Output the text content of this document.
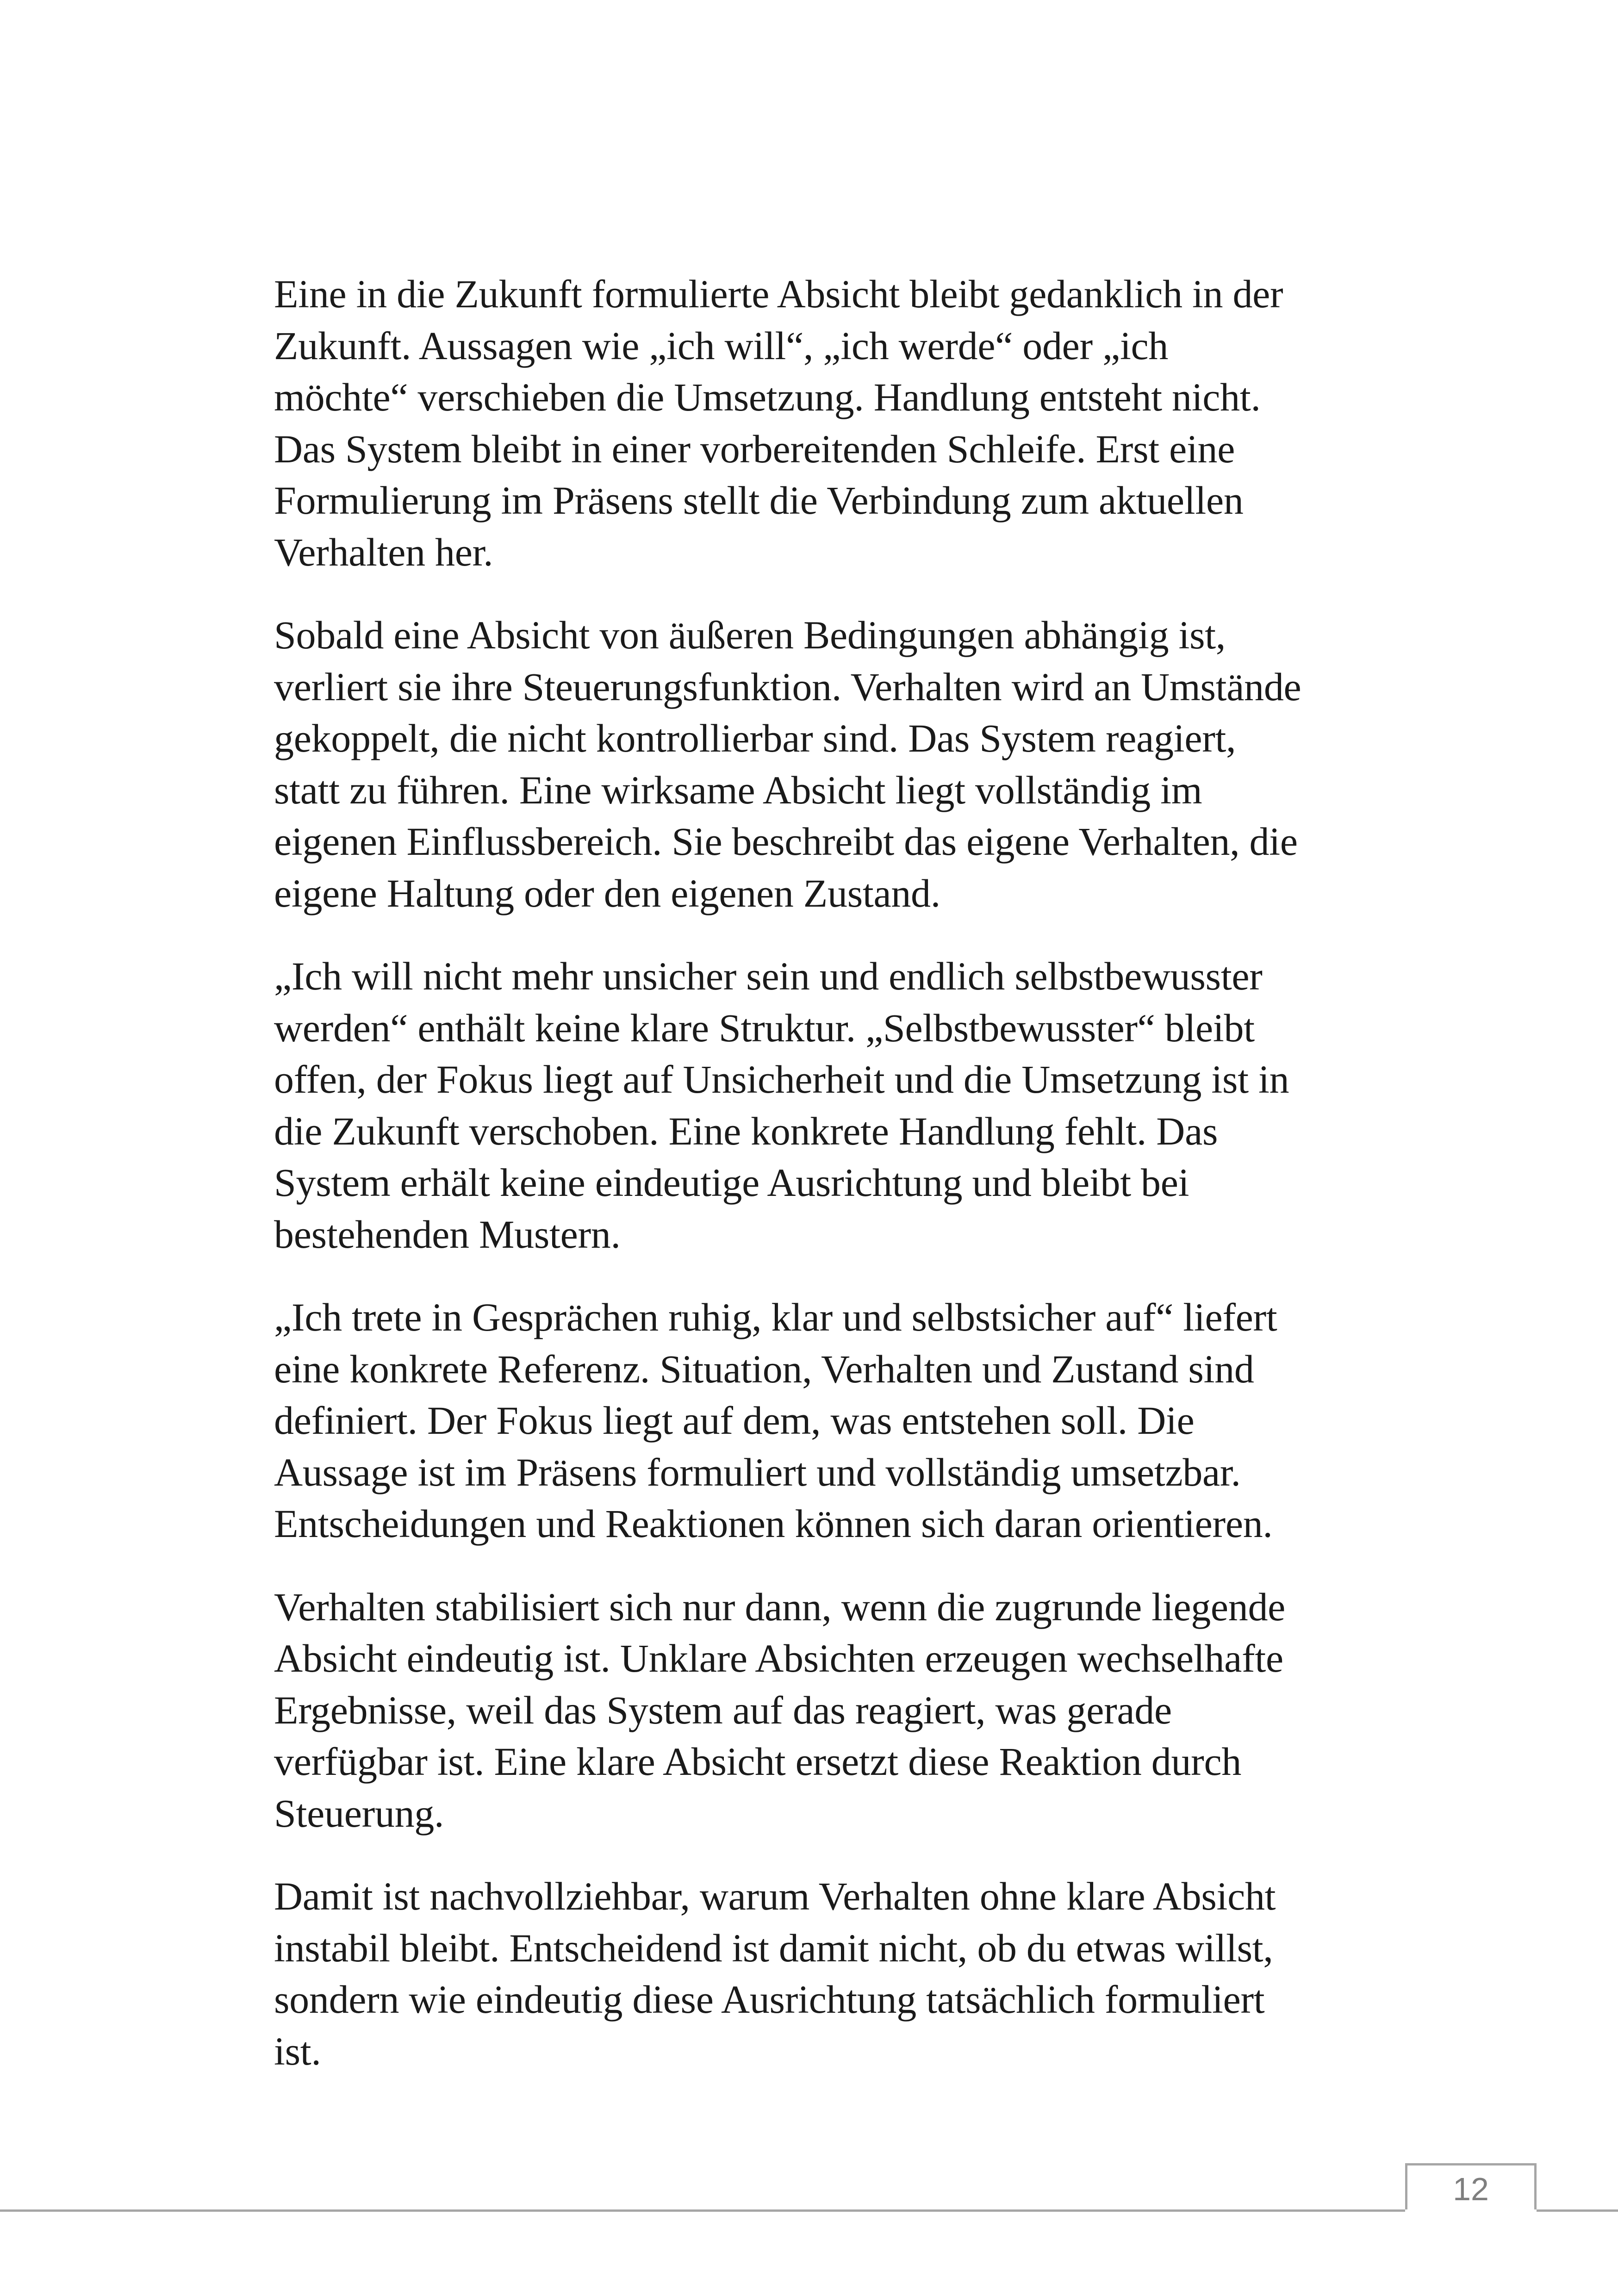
Eine in die Zukunft formulierte Absicht bleibt gedanklich in der
Zukunft. Aussagen wie „ich will“, „ich werde“ oder „ich
möchte“ verschieben die Umsetzung. Handlung entsteht nicht.
Das System bleibt in einer vorbereitenden Schleife. Erst eine
Formulierung im Präsens stellt die Verbindung zum aktuellen
Verhalten her.

Sobald eine Absicht von äußeren Bedingungen abhängig ist,
verliert sie ihre Steuerungsfunktion. Verhalten wird an Umstände
gekoppelt, die nicht kontrollierbar sind. Das System reagiert,
statt zu führen. Eine wirksame Absicht liegt vollständig im
eigenen Einflussbereich. Sie beschreibt das eigene Verhalten, die
eigene Haltung oder den eigenen Zustand.

„Ich will nicht mehr unsicher sein und endlich selbstbewusster
werden“ enthält keine klare Struktur. „Selbstbewusster“ bleibt
offen, der Fokus liegt auf Unsicherheit und die Umsetzung ist in
die Zukunft verschoben. Eine konkrete Handlung fehlt. Das
System erhält keine eindeutige Ausrichtung und bleibt bei
bestehenden Mustern.

„Ich trete in Gesprächen ruhig, klar und selbstsicher auf“ liefert
eine konkrete Referenz. Situation, Verhalten und Zustand sind
definiert. Der Fokus liegt auf dem, was entstehen soll. Die
Aussage ist im Präsens formuliert und vollständig umsetzbar.
Entscheidungen und Reaktionen können sich daran orientieren.

Verhalten stabilisiert sich nur dann, wenn die zugrunde liegende
Absicht eindeutig ist. Unklare Absichten erzeugen wechselhafte
Ergebnisse, weil das System auf das reagiert, was gerade
verfügbar ist. Eine klare Absicht ersetzt diese Reaktion durch
Steuerung.

Damit ist nachvollziehbar, warum Verhalten ohne klare Absicht
instabil bleibt. Entscheidend ist damit nicht, ob du etwas willst,
sondern wie eindeutig diese Ausrichtung tatsächlich formuliert
ist.

12
